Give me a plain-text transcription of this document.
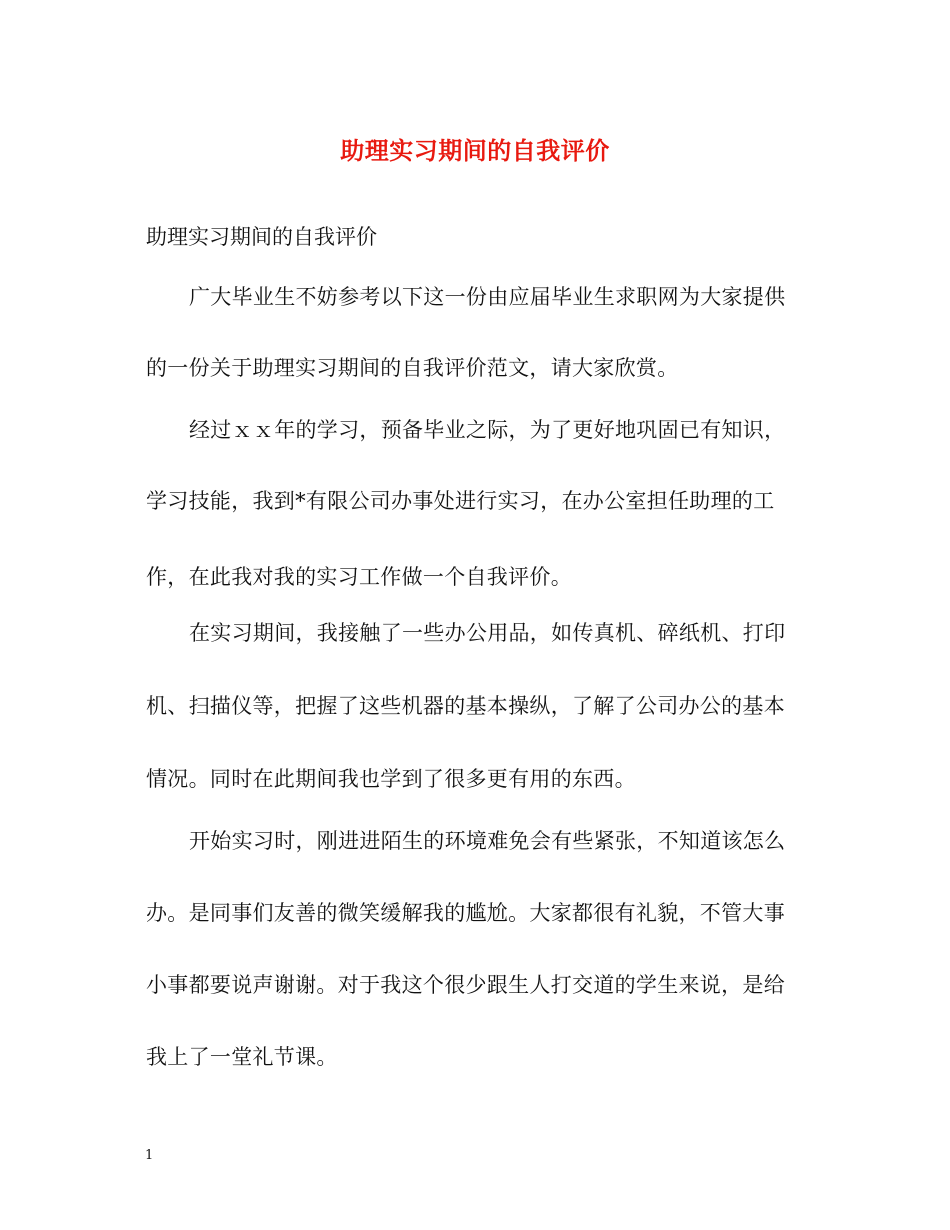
助理实习期间的自我评价
助理实习期间的自我评价
广大毕业生不妨参考以下这一份由应届毕业生求职网为大家提供
的一份关于助理实习期间的自我评价范文，请大家欣赏。
经过ｘｘ年的学习，预备毕业之际，为了更好地巩固已有知识，
学习技能，我到*有限公司办事处进行实习，在办公室担任助理的工
作，在此我对我的实习工作做一个自我评价。
在实习期间，我接触了一些办公用品，如传真机、碎纸机、打印
机、扫描仪等，把握了这些机器的基本操纵，了解了公司办公的基本
情况。同时在此期间我也学到了很多更有用的东西。
开始实习时，刚进进陌生的环境难免会有些紧张，不知道该怎么
办。是同事们友善的微笑缓解我的尴尬。大家都很有礼貌，不管大事
小事都要说声谢谢。对于我这个很少跟生人打交道的学生来说，是给
我上了一堂礼节课。
1
